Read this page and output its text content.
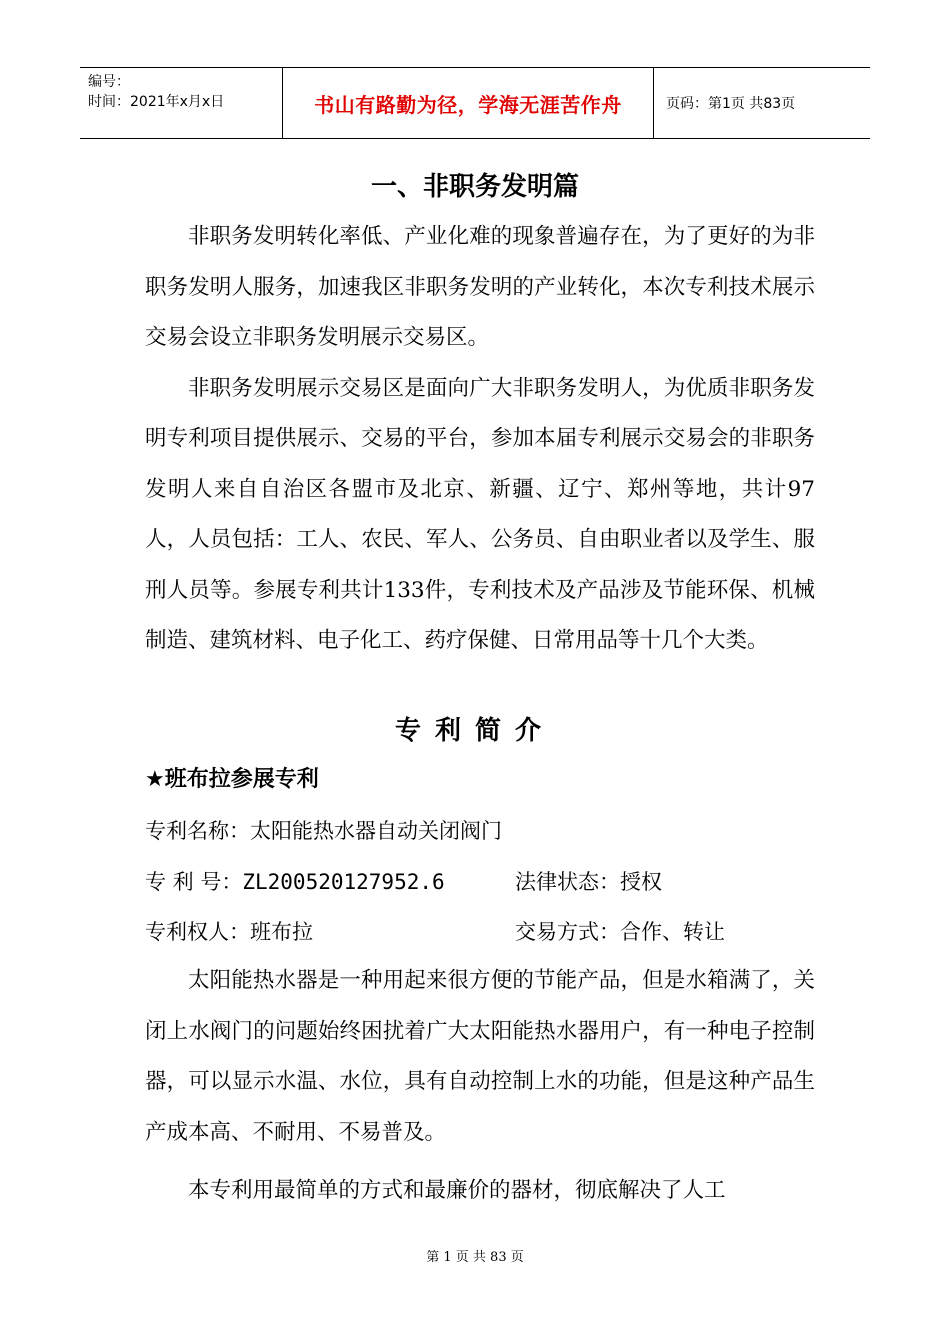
编号：
时间：2021年x月x日	书山有路勤为径，学海无涯苦作舟	页码：第1页 共83页
一、非职务发明篇

非职务发明转化率低、产业化难的现象普遍存在，为了更好的为非职务发明人服务，加速我区非职务发明的产业转化，本次专利技术展示交易会设立非职务发明展示交易区。

非职务发明展示交易区是面向广大非职务发明人，为优质非职务发明专利项目提供展示、交易的平台，参加本届专利展示交易会的非职务发明人来自自治区各盟市及北京、新疆、辽宁、郑州等地，共计97人，人员包括：工人、农民、军人、公务员、自由职业者以及学生、服刑人员等。参展专利共计133件，专利技术及产品涉及节能环保、机械制造、建筑材料、电子化工、药疗保健、日常用品等十几个大类。

专利简介
★班布拉参展专利
专利名称：太阳能热水器自动关闭阀门
专 利 号：ZL200520127952.6	法律状态：授权
专利权人：班布拉	交易方式：合作、转让

太阳能热水器是一种用起来很方便的节能产品，但是水箱满了，关闭上水阀门的问题始终困扰着广大太阳能热水器用户，有一种电子控制器，可以显示水温、水位，具有自动控制上水的功能，但是这种产品生产成本高、不耐用、不易普及。

本专利用最简单的方式和最廉价的器材，彻底解决了人工

第 1 页 共 83 页
